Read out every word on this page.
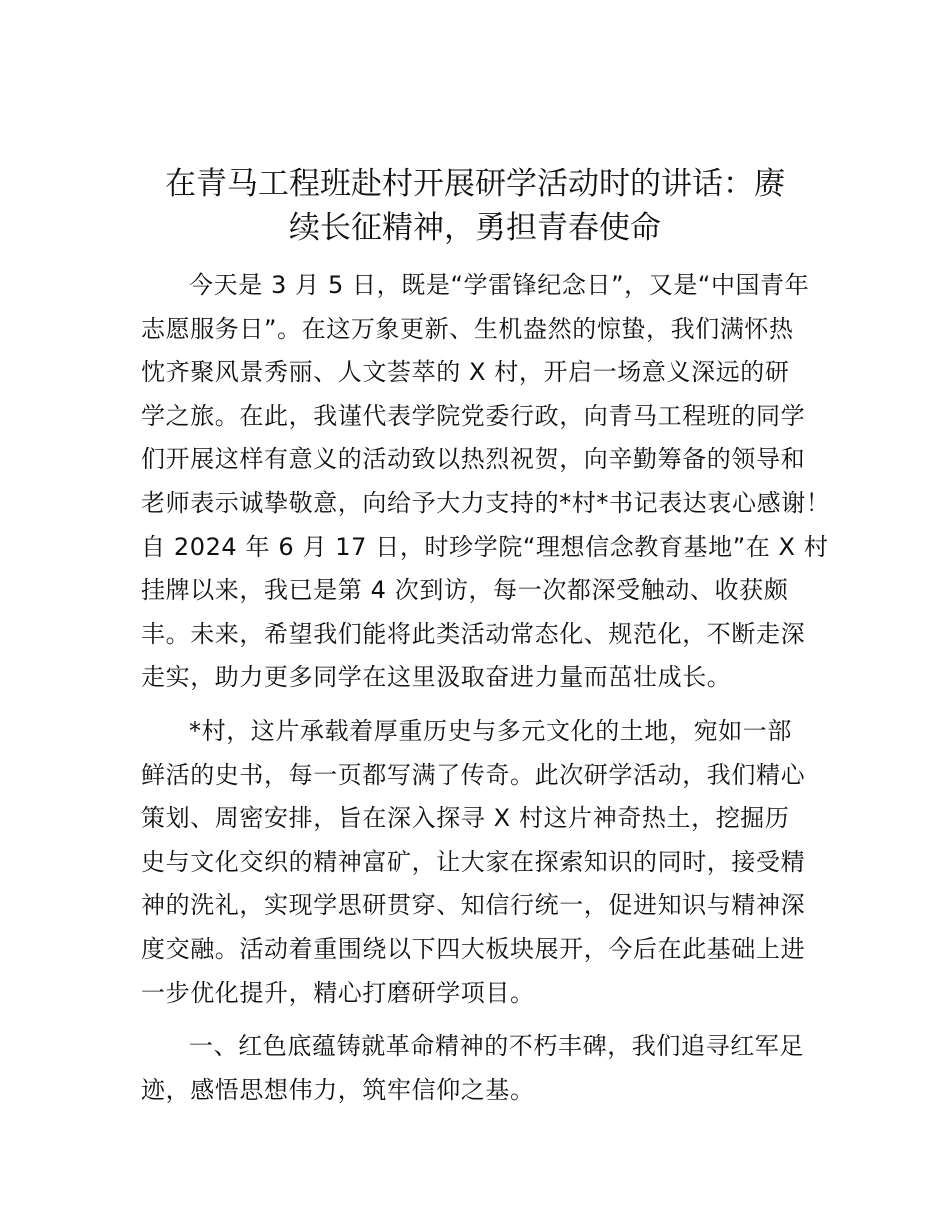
在青马工程班赴村开展研学活动时的讲话：赓
续长征精神，勇担青春使命
今天是 3 月 5 日，既是“学雷锋纪念日”，又是“中国青年
志愿服务日”。在这万象更新、生机盎然的惊蛰，我们满怀热
忱齐聚风景秀丽、人文荟萃的 X 村，开启一场意义深远的研
学之旅。在此，我谨代表学院党委行政，向青马工程班的同学
们开展这样有意义的活动致以热烈祝贺，向辛勤筹备的领导和
老师表示诚挚敬意，向给予大力支持的*村*书记表达衷心感谢！
自 2024 年 6 月 17 日，时珍学院“理想信念教育基地”在 X 村
挂牌以来，我已是第 4 次到访，每一次都深受触动、收获颇
丰。未来，希望我们能将此类活动常态化、规范化，不断走深
走实，助力更多同学在这里汲取奋进力量而茁壮成长。
*村，这片承载着厚重历史与多元文化的土地，宛如一部
鲜活的史书，每一页都写满了传奇。此次研学活动，我们精心
策划、周密安排，旨在深入探寻 X 村这片神奇热土，挖掘历
史与文化交织的精神富矿，让大家在探索知识的同时，接受精
神的洗礼，实现学思研贯穿、知信行统一，促进知识与精神深
度交融。活动着重围绕以下四大板块展开，今后在此基础上进
一步优化提升，精心打磨研学项目。
一、红色底蕴铸就革命精神的不朽丰碑，我们追寻红军足
迹，感悟思想伟力，筑牢信仰之基。
